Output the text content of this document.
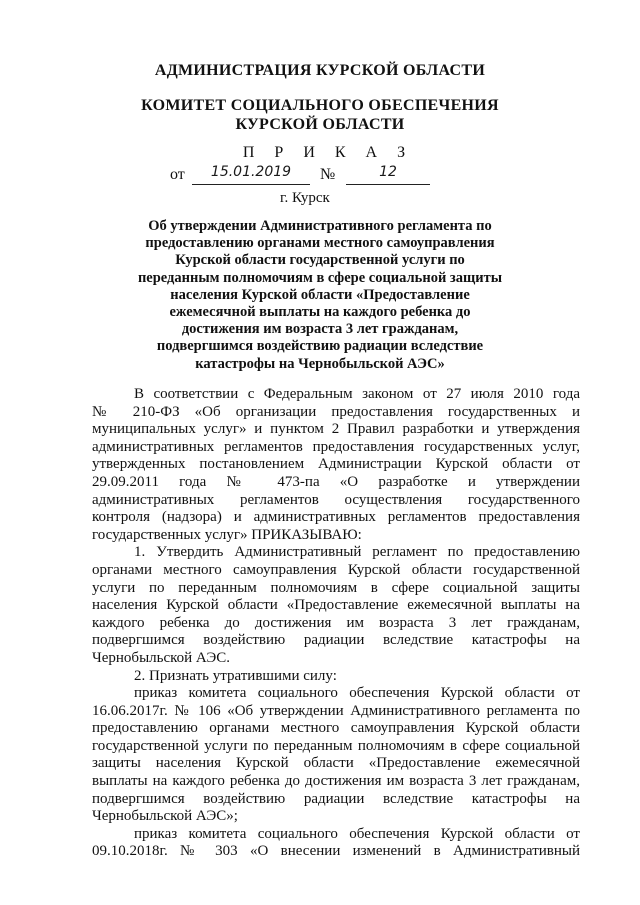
АДМИНИСТРАЦИЯ КУРСКОЙ ОБЛАСТИ
КОМИТЕТ СОЦИАЛЬНОГО ОБЕСПЕЧЕНИЯ
КУРСКОЙ ОБЛАСТИ
П Р И К А З
от	15.01.2019	№	12
г. Курск
Об утверждении Административного регламента по
предоставлению органами местного самоуправления
Курской области государственной услуги по
переданным полномочиям в сфере социальной защиты
населения Курской области «Предоставление
ежемесячной выплаты на каждого ребенка до
достижения им возраста 3 лет гражданам,
подвергшимся воздействию радиации вследствие
катастрофы на Чернобыльской АЭС»
В соответствии с Федеральным законом от 27 июля 2010 года
№ 210-ФЗ «Об организации предоставления государственных и
муниципальных услуг» и пунктом 2 Правил разработки и утверждения
административных регламентов предоставления государственных услуг,
утвержденных постановлением Администрации Курской области от
29.09.2011 года № 473-па «О разработке и утверждении
административных регламентов осуществления государственного
контроля (надзора) и административных регламентов предоставления
государственных услуг» ПРИКАЗЫВАЮ:
1. Утвердить Административный регламент по предоставлению
органами местного самоуправления Курской области государственной
услуги по переданным полномочиям в сфере социальной защиты
населения Курской области «Предоставление ежемесячной выплаты на
каждого ребенка до достижения им возраста 3 лет гражданам,
подвергшимся воздействию радиации вследствие катастрофы на
Чернобыльской АЭС.
2. Признать утратившими силу:
приказ комитета социального обеспечения Курской области от
16.06.2017г. № 106 «Об утверждении Административного регламента по
предоставлению органами местного самоуправления Курской области
государственной услуги по переданным полномочиям в сфере социальной
защиты населения Курской области «Предоставление ежемесячной
выплаты на каждого ребенка до достижения им возраста 3 лет гражданам,
подвергшимся воздействию радиации вследствие катастрофы на
Чернобыльской АЭС»;
приказ комитета социального обеспечения Курской области от
09.10.2018г. № 303 «О внесении изменений в Административный
